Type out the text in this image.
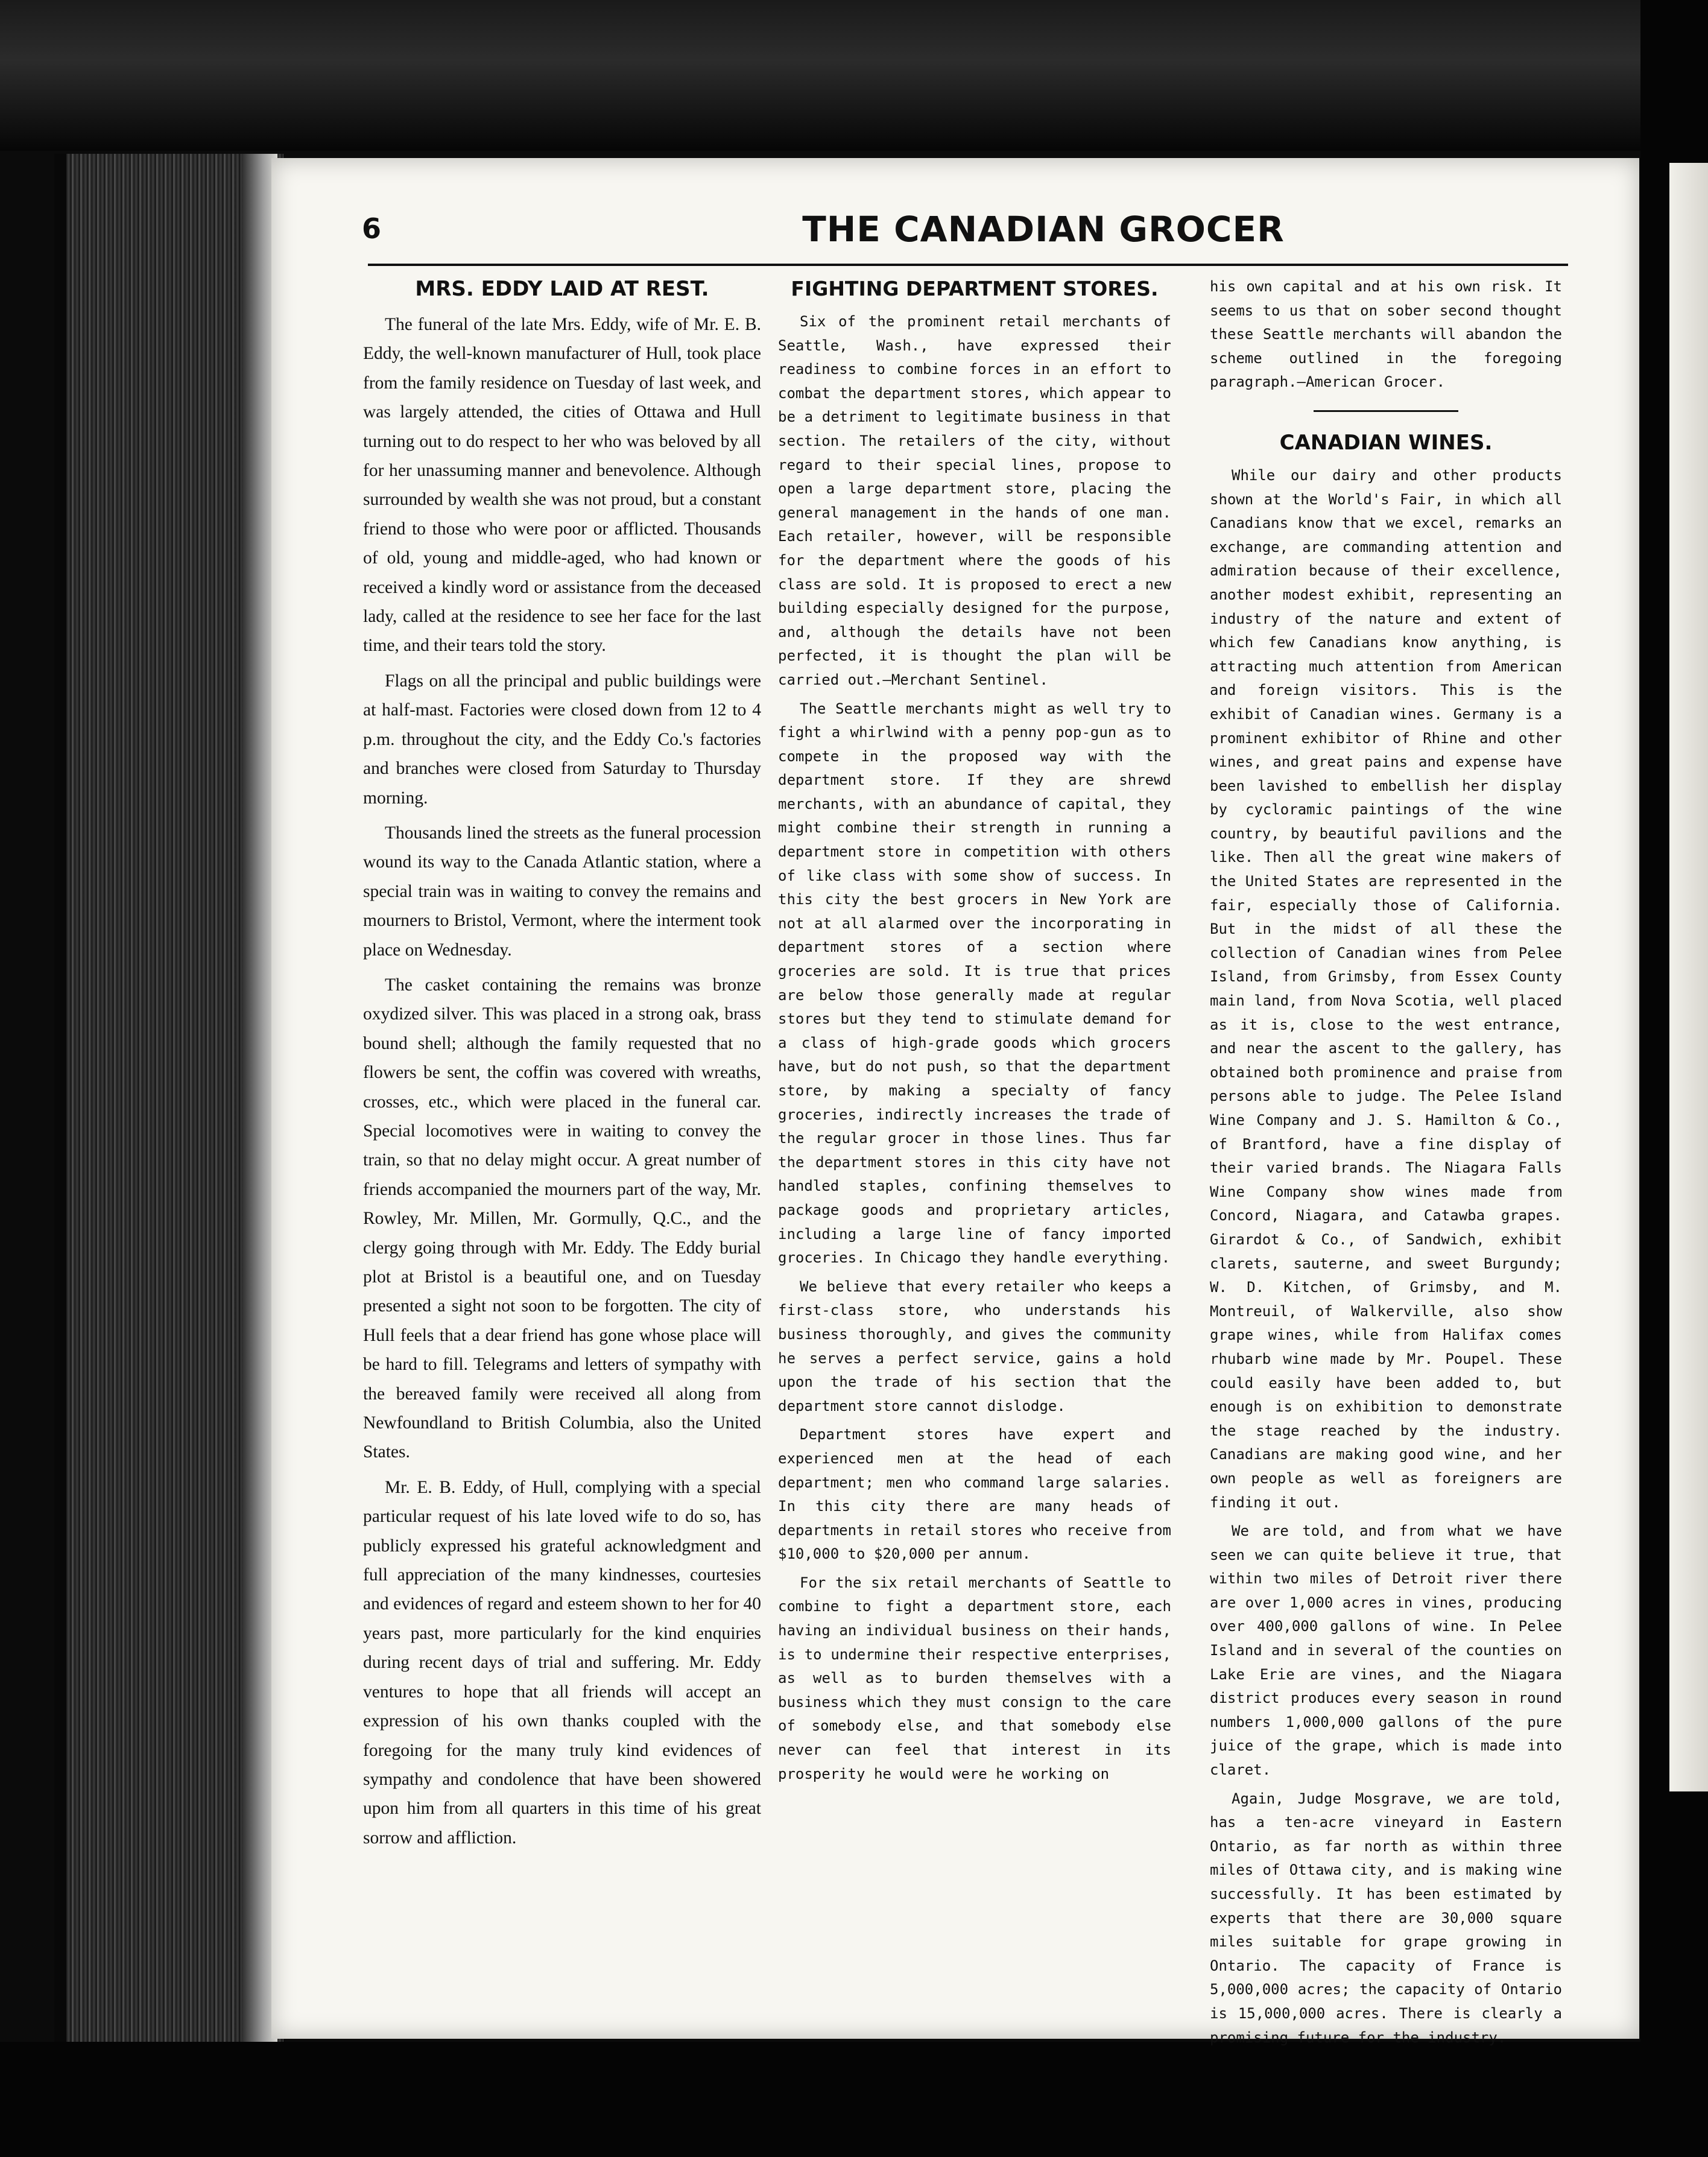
6	THE CANADIAN GROCER
MRS. EDDY LAID AT REST.

The funeral of the late Mrs. Eddy, wife of Mr. E. B. Eddy, the well-known manufacturer of Hull, took place from the family residence on Tuesday of last week, and was largely attended, the cities of Ottawa and Hull turning out to do respect to her who was beloved by all for her unassuming manner and benevolence. Although surrounded by wealth she was not proud, but a constant friend to those who were poor or afflicted. Thousands of old, young and middle-aged, who had known or received a kindly word or assistance from the deceased lady, called at the residence to see her face for the last time, and their tears told the story.

Flags on all the principal and public buildings were at half-mast. Factories were closed down from 12 to 4 p.m. throughout the city, and the Eddy Co.'s factories and branches were closed from Saturday to Thursday morning.

Thousands lined the streets as the funeral procession wound its way to the Canada Atlantic station, where a special train was in waiting to convey the remains and mourners to Bristol, Vermont, where the interment took place on Wednesday.

The casket containing the remains was bronze oxydized silver. This was placed in a strong oak, brass bound shell; although the family requested that no flowers be sent, the coffin was covered with wreaths, crosses, etc., which were placed in the funeral car. Special locomotives were in waiting to convey the train, so that no delay might occur. A great number of friends accompanied the mourners part of the way, Mr. Rowley, Mr. Millen, Mr. Gormully, Q.C., and the clergy going through with Mr. Eddy. The Eddy burial plot at Bristol is a beautiful one, and on Tuesday presented a sight not soon to be forgotten. The city of Hull feels that a dear friend has gone whose place will be hard to fill. Telegrams and letters of sympathy with the bereaved family were received all along from Newfoundland to British Columbia, also the United States.

Mr. E. B. Eddy, of Hull, complying with a special particular request of his late loved wife to do so, has publicly expressed his grateful acknowledgment and full appreciation of the many kindnesses, courtesies and evidences of regard and esteem shown to her for 40 years past, more particularly for the kind enquiries during recent days of trial and suffering. Mr. Eddy ventures to hope that all friends will accept an expression of his own thanks coupled with the foregoing for the many truly kind evidences of sympathy and condolence that have been showered upon him from all quarters in this time of his great sorrow and affliction.

FIGHTING DEPARTMENT STORES.

Six of the prominent retail merchants of Seattle, Wash., have expressed their readiness to combine forces in an effort to combat the department stores, which appear to be a detriment to legitimate business in that section. The retailers of the city, without regard to their special lines, propose to open a large department store, placing the general management in the hands of one man. Each retailer, however, will be responsible for the department where the goods of his class are sold. It is proposed to erect a new building especially designed for the purpose, and, although the details have not been perfected, it is thought the plan will be carried out.—Merchant Sentinel.

The Seattle merchants might as well try to fight a whirlwind with a penny pop-gun as to compete in the proposed way with the department store. If they are shrewd merchants, with an abundance of capital, they might combine their strength in running a department store in competition with others of like class with some show of success. In this city the best grocers in New York are not at all alarmed over the incorporating in department stores of a section where groceries are sold. It is true that prices are below those generally made at regular stores but they tend to stimulate demand for a class of high-grade goods which grocers have, but do not push, so that the department store, by making a specialty of fancy groceries, indirectly increases the trade of the regular grocer in those lines. Thus far the department stores in this city have not handled staples, confining themselves to package goods and proprietary articles, including a large line of fancy imported groceries. In Chicago they handle everything.

We believe that every retailer who keeps a first-class store, who understands his business thoroughly, and gives the community he serves a perfect service, gains a hold upon the trade of his section that the department store cannot dislodge.

Department stores have expert and experienced men at the head of each department; men who command large salaries. In this city there are many heads of departments in retail stores who receive from $10,000 to $20,000 per annum.

For the six retail merchants of Seattle to combine to fight a department store, each having an individual business on their hands, is to undermine their respective enterprises, as well as to burden themselves with a business which they must consign to the care of somebody else, and that somebody else never can feel that interest in its prosperity he would were he working on

his own capital and at his own risk. It seems to us that on sober second thought these Seattle merchants will abandon the scheme outlined in the foregoing paragraph.—American Grocer.

CANADIAN WINES.

While our dairy and other products shown at the World's Fair, in which all Canadians know that we excel, remarks an exchange, are commanding attention and admiration because of their excellence, another modest exhibit, representing an industry of the nature and extent of which few Canadians know anything, is attracting much attention from American and foreign visitors. This is the exhibit of Canadian wines. Germany is a prominent exhibitor of Rhine and other wines, and great pains and expense have been lavished to embellish her display by cycloramic paintings of the wine country, by beautiful pavilions and the like. Then all the great wine makers of the United States are represented in the fair, especially those of California. But in the midst of all these the collection of Canadian wines from Pelee Island, from Grimsby, from Essex County main land, from Nova Scotia, well placed as it is, close to the west entrance, and near the ascent to the gallery, has obtained both prominence and praise from persons able to judge. The Pelee Island Wine Company and J. S. Hamilton & Co., of Brantford, have a fine display of their varied brands. The Niagara Falls Wine Company show wines made from Concord, Niagara, and Catawba grapes. Girardot & Co., of Sandwich, exhibit clarets, sauterne, and sweet Burgundy; W. D. Kitchen, of Grimsby, and M. Montreuil, of Walkerville, also show grape wines, while from Halifax comes rhubarb wine made by Mr. Poupel. These could easily have been added to, but enough is on exhibition to demonstrate the stage reached by the industry. Canadians are making good wine, and her own people as well as foreigners are finding it out.

We are told, and from what we have seen we can quite believe it true, that within two miles of Detroit river there are over 1,000 acres in vines, producing over 400,000 gallons of wine. In Pelee Island and in several of the counties on Lake Erie are vines, and the Niagara district produces every season in round numbers 1,000,000 gallons of the pure juice of the grape, which is made into claret.

Again, Judge Mosgrave, we are told, has a ten-acre vineyard in Eastern Ontario, as far north as within three miles of Ottawa city, and is making wine successfully. It has been estimated by experts that there are 30,000 square miles suitable for grape growing in Ontario. The capacity of France is 5,000,000 acres; the capacity of Ontario is 15,000,000 acres. There is clearly a promising future for the industry.
